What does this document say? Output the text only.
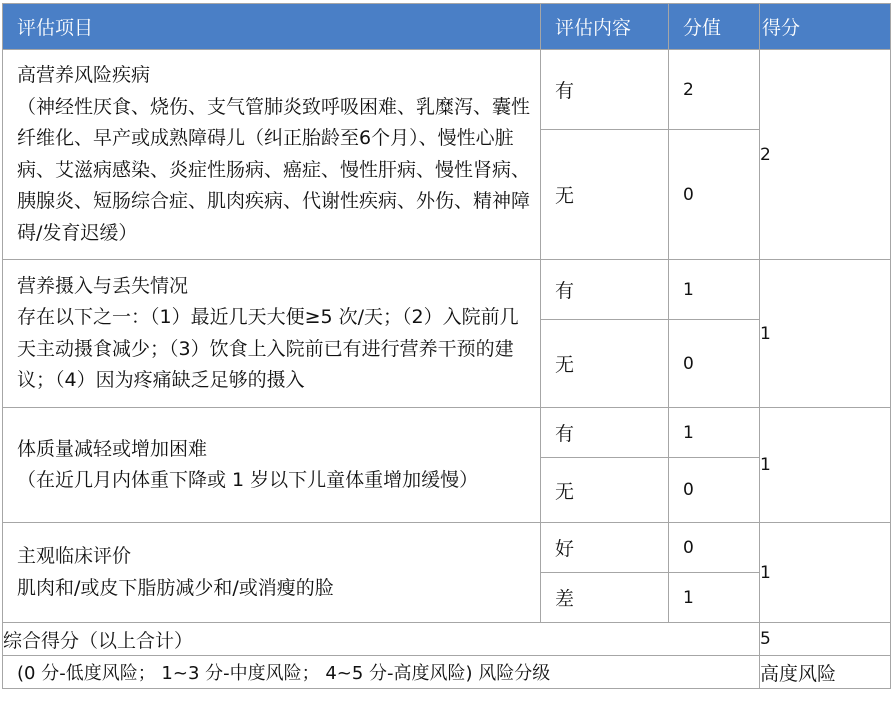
评估项目	评估内容	分值	得分
高营养风险疾病
（神经性厌食、烧伤、支气管肺炎致呼吸困难、乳糜泻、囊性纤维化、早产或成熟障碍儿（纠正胎龄至6个月）、慢性心脏病、艾滋病感染、炎症性肠病、癌症、慢性肝病、慢性肾病、胰腺炎、短肠综合症、肌肉疾病、代谢性疾病、外伤、精神障碍/发育迟缓）	有	2	2
	无	0	
营养摄入与丢失情况
存在以下之一：（1）最近几天大便≥5 次/天；（2）入院前几天主动摄食减少；（3）饮食上入院前已有进行营养干预的建议；（4）因为疼痛缺乏足够的摄入	有	1	1
	无	0	
体质量减轻或增加困难
（在近几月内体重下降或 1 岁以下儿童体重增加缓慢）	有	1	1
	无	0	
主观临床评价
肌肉和/或皮下脂肪减少和/或消瘦的脸	好	0	1
	差	1	
综合得分（以上合计）			5
(0 分-低度风险； 1~3 分-中度风险； 4~5 分-高度风险) 风险分级			高度风险
